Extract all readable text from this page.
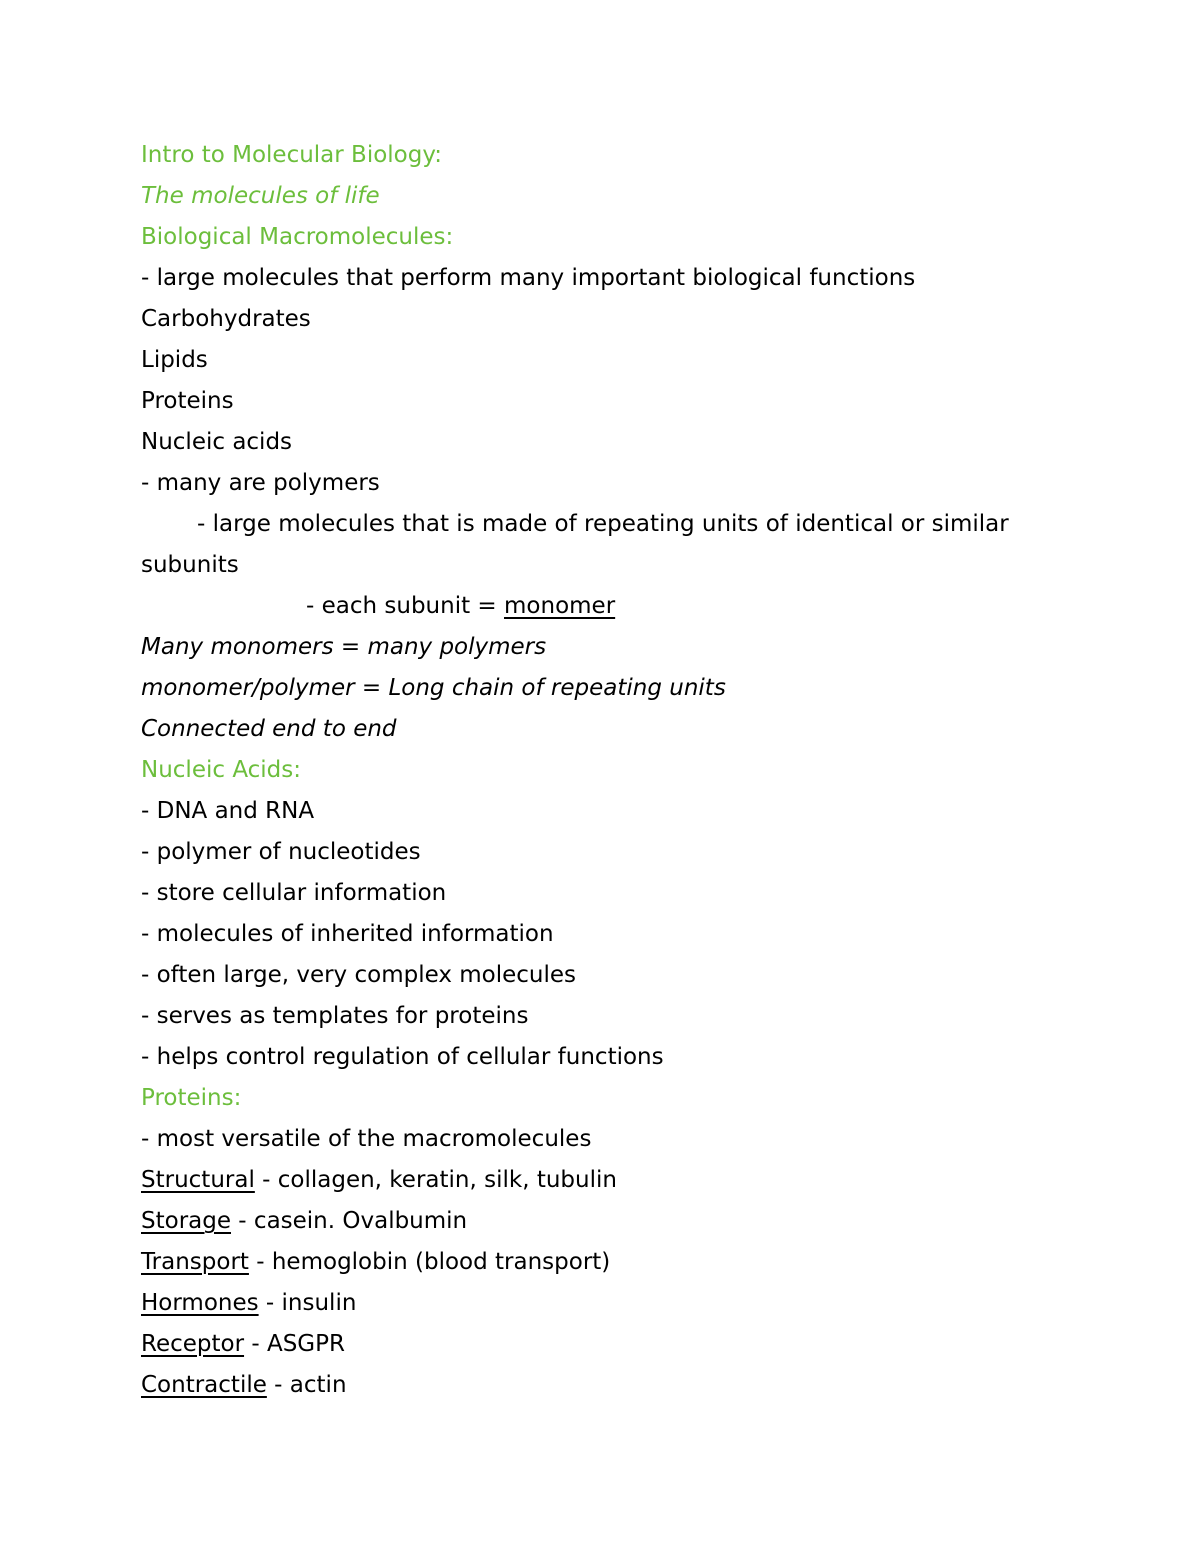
Intro to Molecular Biology:
The molecules of life
Biological Macromolecules:
- large molecules that perform many important biological functions
Carbohydrates
Lipids
Proteins
Nucleic acids
- many are polymers
- large molecules that is made of repeating units of identical or similar
subunits
- each subunit = monomer
Many monomers = many polymers
monomer/polymer = Long chain of repeating units
Connected end to end
Nucleic Acids:
- DNA and RNA
- polymer of nucleotides
- store cellular information
- molecules of inherited information
- often large, very complex molecules
- serves as templates for proteins
- helps control regulation of cellular functions
Proteins:
- most versatile of the macromolecules
Structural - collagen, keratin, silk, tubulin
Storage - casein. Ovalbumin
Transport - hemoglobin (blood transport)
Hormones - insulin
Receptor - ASGPR
Contractile - actin
